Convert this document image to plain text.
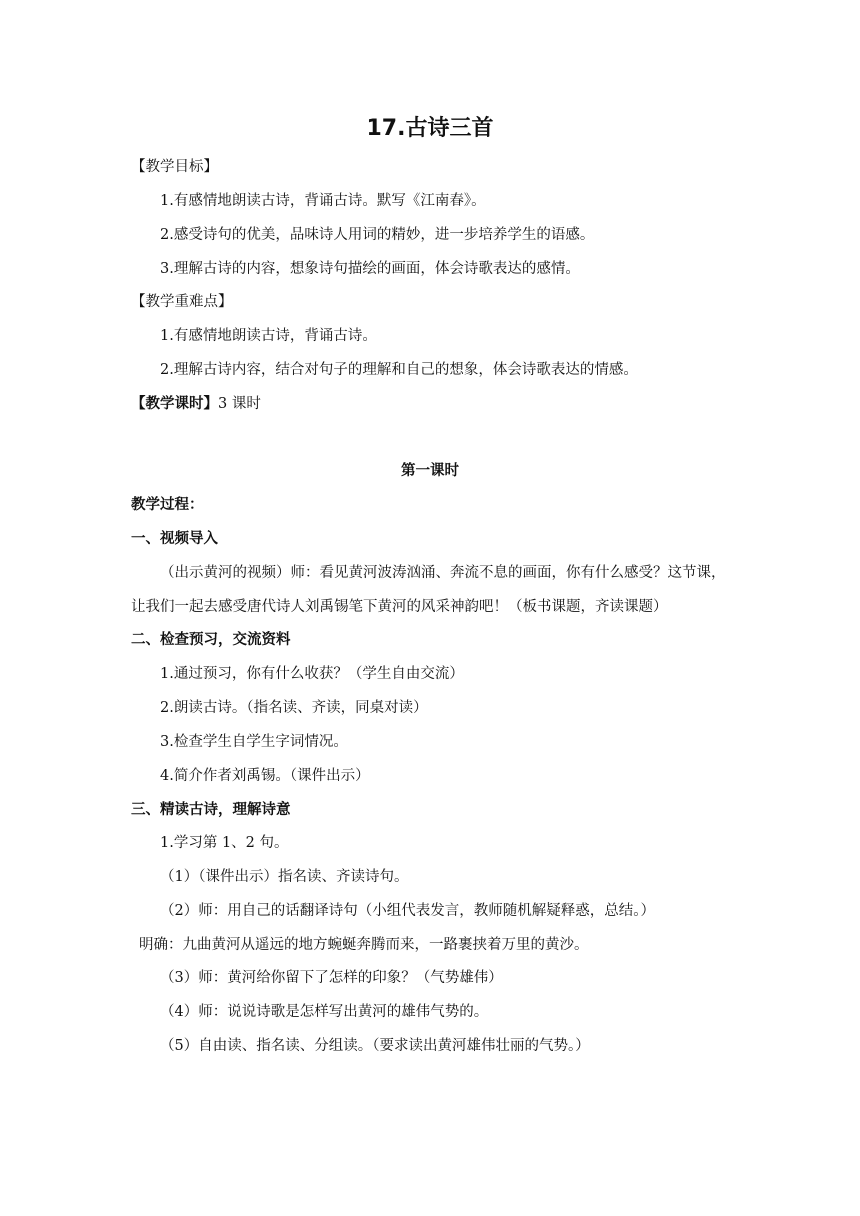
17.古诗三首
【教学目标】
1.有感情地朗读古诗，背诵古诗。默写《江南春》。
2.感受诗句的优美，品味诗人用词的精妙，进一步培养学生的语感。
3.理解古诗的内容，想象诗句描绘的画面，体会诗歌表达的感情。
【教学重难点】
1.有感情地朗读古诗，背诵古诗。
2.理解古诗内容，结合对句子的理解和自己的想象，体会诗歌表达的情感。
【教学课时】3 课时
第一课时
教学过程：
一、视频导入
（出示黄河的视频）师：看见黄河波涛汹涌、奔流不息的画面，你有什么感受？这节课，
让我们一起去感受唐代诗人刘禹锡笔下黄河的风采神韵吧！（板书课题，齐读课题）
二、检查预习，交流资料
1.通过预习，你有什么收获？（学生自由交流）
2.朗读古诗。（指名读、齐读，同桌对读）
3.检查学生自学生字词情况。
4.简介作者刘禹锡。（课件出示）
三、精读古诗，理解诗意
1.学习第 1、2 句。
（1）（课件出示）指名读、齐读诗句。
（2）师：用自己的话翻译诗句（小组代表发言，教师随机解疑释惑，总结。）
明确：九曲黄河从遥远的地方蜿蜒奔腾而来，一路裹挟着万里的黄沙。
（3）师：黄河给你留下了怎样的印象？（气势雄伟）
（4）师：说说诗歌是怎样写出黄河的雄伟气势的。
（5）自由读、指名读、分组读。（要求读出黄河雄伟壮丽的气势。）
